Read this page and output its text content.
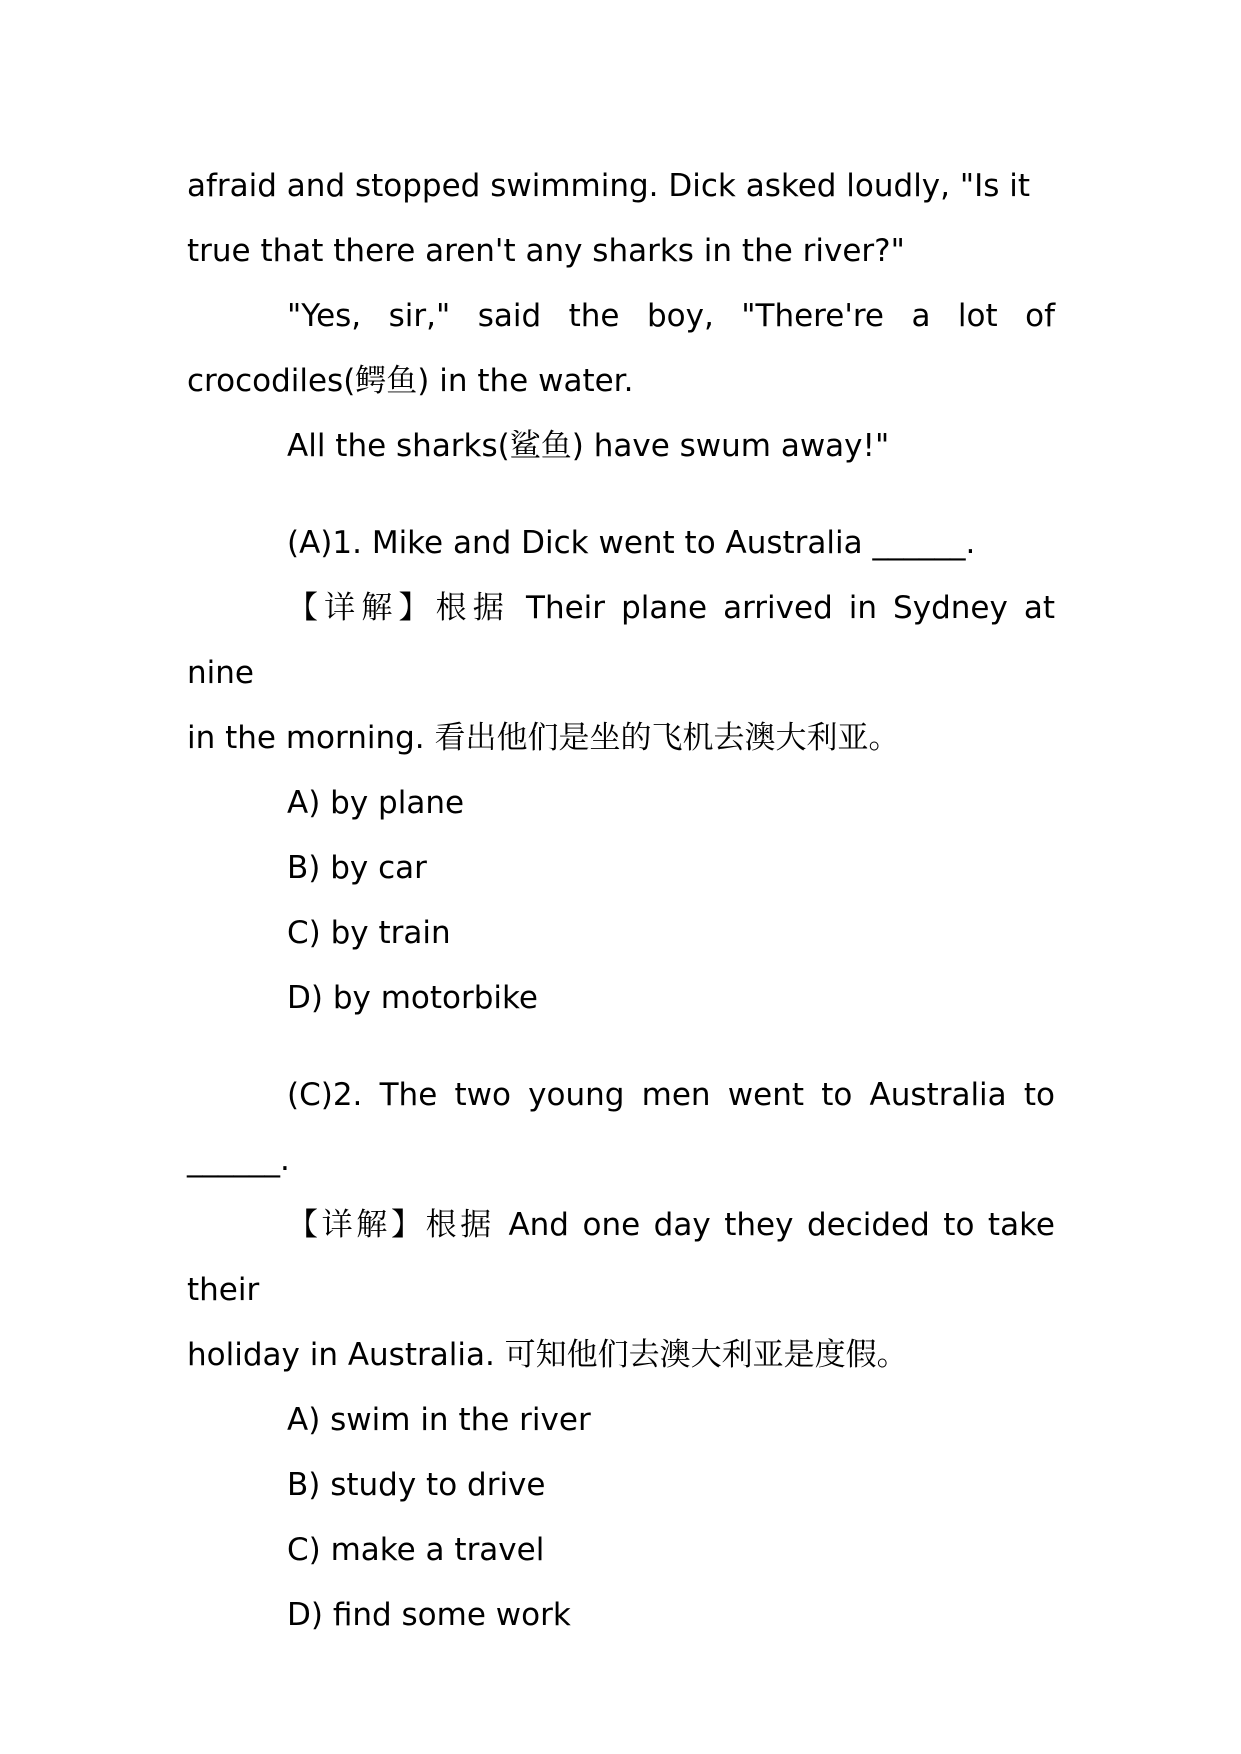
afraid and stopped swimming. Dick asked loudly, "Is it

true that there aren't any sharks in the river?"

"Yes, sir," said the boy, "There're a lot of

crocodiles(鳄鱼) in the water.

All the sharks(鲨鱼) have swum away!"

(A)1. Mike and Dick went to Australia ______.

【详解】根据 Their plane arrived in Sydney at nine

in the morning. 看出他们是坐的飞机去澳大利亚。

A) by plane

B) by car

C) by train

D) by motorbike

(C)2. The two young men went to Australia to

______.

【详解】根据 And one day they decided to take their

holiday in Australia. 可知他们去澳大利亚是度假。

A) swim in the river

B) study to drive

C) make a travel

D) find some work
